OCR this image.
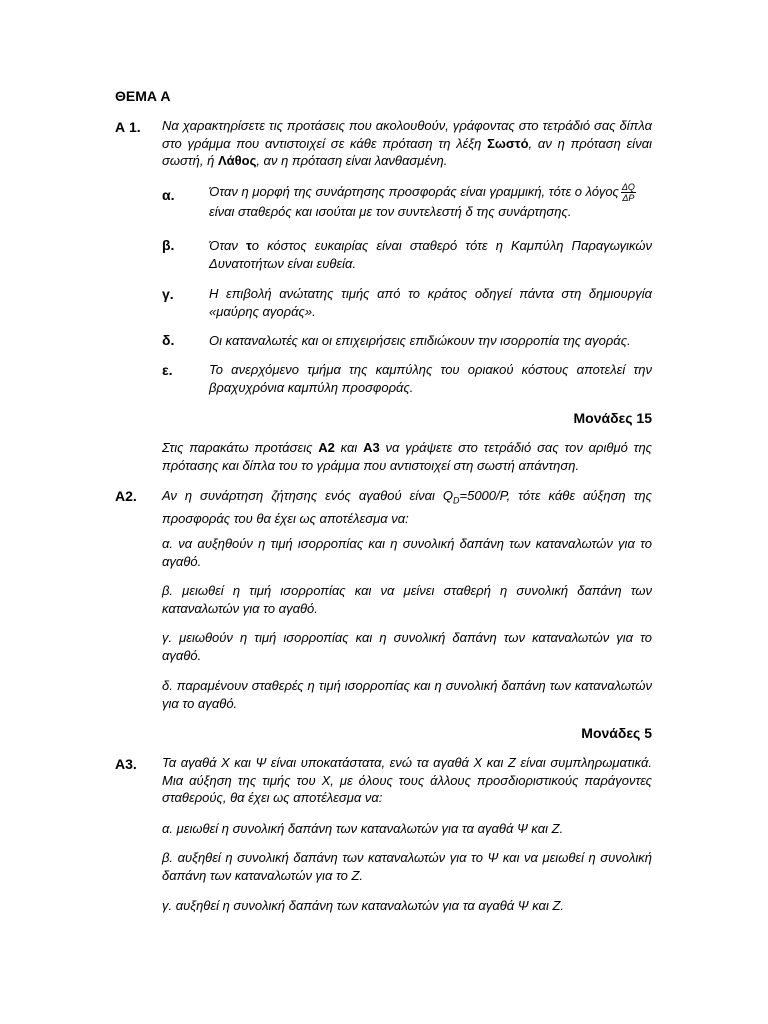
ΘΕΜΑ Α
Α 1. Να χαρακτηρίσετε τις προτάσεις που ακολουθούν, γράφοντας στο τετράδιό σας δίπλα στο γράμμα που αντιστοιχεί σε κάθε πρόταση τη λέξη Σωστό, αν η πρόταση είναι σωστή, ή Λάθος, αν η πρόταση είναι λανθασμένη.
α.	Όταν η μορφή της συνάρτησης προσφοράς είναι γραμμική, τότε ο λόγος $\frac{\Delta Q}{\Delta P}$

είναι σταθερός και ισούται με τον συντελεστή δ της συνάρτησης.
β.	Όταν το κόστος ευκαιρίας είναι σταθερό τότε η Καμπύλη Παραγωγικών Δυνατοτήτων είναι ευθεία.
γ.	Η επιβολή ανώτατης τιμής από το κράτος οδηγεί πάντα στη δημιουργία «μαύρης αγοράς».
δ.	Οι καταναλωτές και οι επιχειρήσεις επιδιώκουν την ισορροπία της αγοράς.
ε.	Το ανερχόμενο τμήμα της καμπύλης του οριακού κόστους αποτελεί την βραχυχρόνια καμπύλη προσφοράς.
Μονάδες 15
Στις παρακάτω προτάσεις Α2 και Α3 να γράψετε στο τετράδιό σας τον αριθμό της πρότασης και δίπλα του το γράμμα που αντιστοιχεί στη σωστή απάντηση.
Α2. Αν η συνάρτηση ζήτησης ενός αγαθού είναι $Q_D=5000/P$, τότε κάθε αύξηση της προσφοράς του θα έχει ως αποτέλεσμα να:
α. να αυξηθούν η τιμή ισορροπίας και η συνολική δαπάνη των καταναλωτών για το αγαθό.
β. μειωθεί η τιμή ισορροπίας και να μείνει σταθερή η συνολική δαπάνη των καταναλωτών για το αγαθό.
γ. μειωθούν η τιμή ισορροπίας και η συνολική δαπάνη των καταναλωτών για το αγαθό.
δ. παραμένουν σταθερές η τιμή ισορροπίας και η συνολική δαπάνη των καταναλωτών για το αγαθό.
Μονάδες 5
Α3. Τα αγαθά Χ και Ψ είναι υποκατάστατα, ενώ τα αγαθά Χ και Ζ είναι συμπληρωματικά. Μια αύξηση της τιμής του Χ, με όλους τους άλλους προσδιοριστικούς παράγοντες σταθερούς, θα έχει ως αποτέλεσμα να:
α. μειωθεί η συνολική δαπάνη των καταναλωτών για τα αγαθά Ψ και Ζ.
β. αυξηθεί η συνολική δαπάνη των καταναλωτών για το Ψ και να μειωθεί η συνολική δαπάνη των καταναλωτών για το Ζ.
γ. αυξηθεί η συνολική δαπάνη των καταναλωτών για τα αγαθά Ψ και Ζ.
